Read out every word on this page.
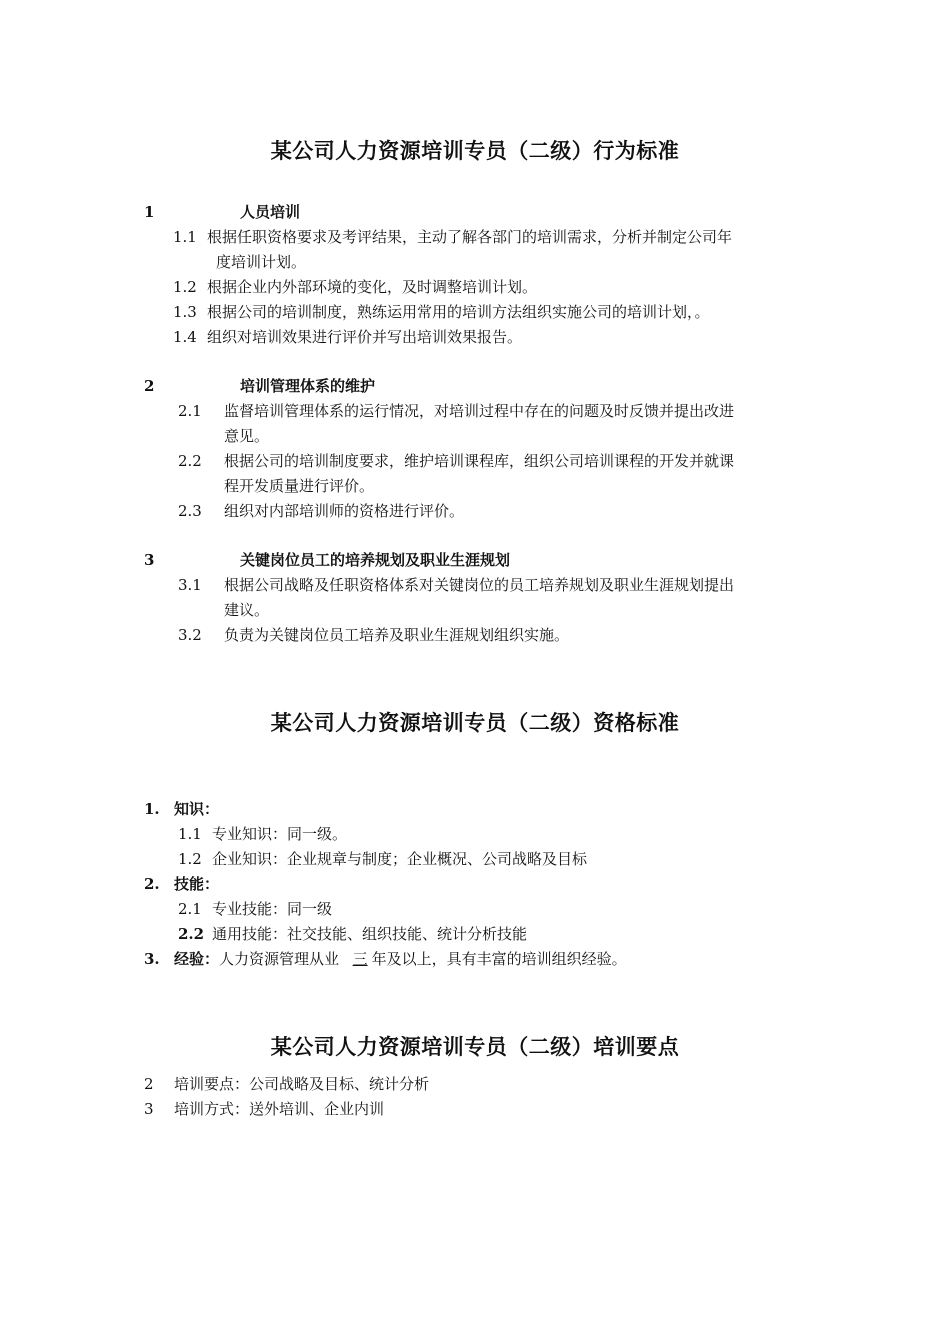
某公司人力资源培训专员（二级）行为标准
1	人员培训
1.1 根据任职资格要求及考评结果，主动了解各部门的培训需求，分析并制定公司年
度培训计划。
1.2 根据企业内外部环境的变化，及时调整培训计划。
1.3 根据公司的培训制度，熟练运用常用的培训方法组织实施公司的培训计划，。
1.4 组织对培训效果进行评价并写出培训效果报告。
2	培训管理体系的维护
2.1 监督培训管理体系的运行情况，对培训过程中存在的问题及时反馈并提出改进
意见。
2.2 根据公司的培训制度要求，维护培训课程库，组织公司培训课程的开发并就课
程开发质量进行评价。
2.3 组织对内部培训师的资格进行评价。
3	关键岗位员工的培养规划及职业生涯规划
3.1 根据公司战略及任职资格体系对关键岗位的员工培养规划及职业生涯规划提出
建议。
3.2 负责为关键岗位员工培养及职业生涯规划组织实施。
某公司人力资源培训专员（二级）资格标准
1. 知识：
1.1 专业知识：同一级。
1.2 企业知识：企业规章与制度；企业概况、公司战略及目标
2. 技能：
2.1 专业技能：同一级
2.2 通用技能：社交技能、组织技能、统计分析技能
3. 经验：人力资源管理从业 三 年及以上，具有丰富的培训组织经验。
某公司人力资源培训专员（二级）培训要点
2 培训要点：公司战略及目标、统计分析
3 培训方式：送外培训、企业内训
